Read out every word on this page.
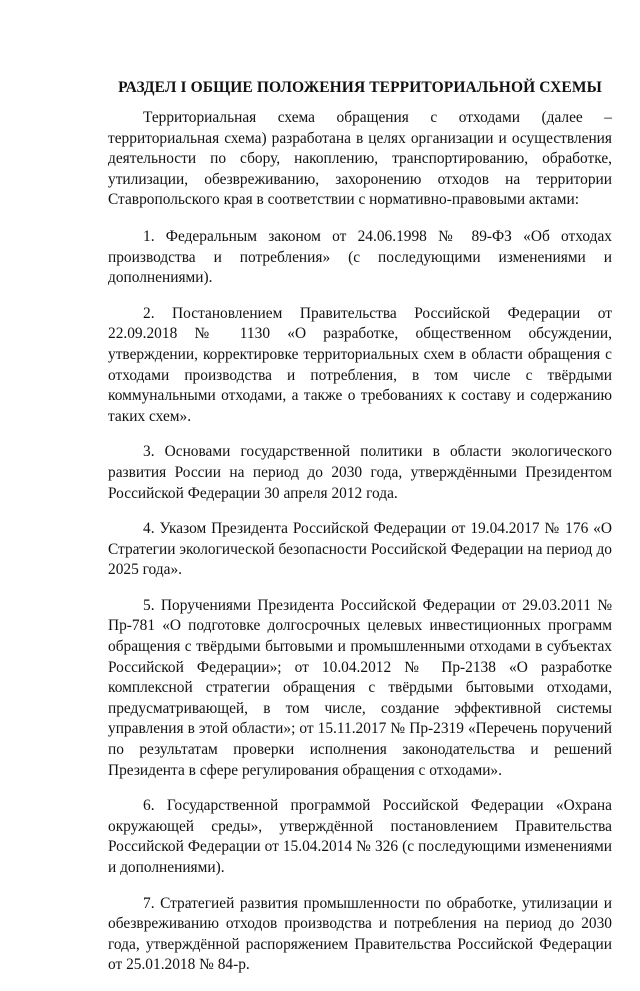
РАЗДЕЛ I ОБЩИЕ ПОЛОЖЕНИЯ ТЕРРИТОРИАЛЬНОЙ СХЕМЫ

Территориальная схема обращения с отходами (далее – территориальная схема) разработана в целях организации и осуществления деятельности по сбору, накоплению, транспортированию, обработке, утилизации, обезвреживанию, захоронению отходов на территории Ставропольского края в соответствии с нормативно-правовыми актами:

1. Федеральным законом от 24.06.1998 № 89-ФЗ «Об отходах производства и потребления» (с последующими изменениями и дополнениями).

2. Постановлением Правительства Российской Федерации от 22.09.2018 № 1130 «О разработке, общественном обсуждении, утверждении, корректировке территориальных схем в области обращения с отходами производства и потребления, в том числе с твёрдыми коммунальными отходами, а также о требованиях к составу и содержанию таких схем».

3. Основами государственной политики в области экологического развития России на период до 2030 года, утверждёнными Президентом Российской Федерации 30 апреля 2012 года.

4. Указом Президента Российской Федерации от 19.04.2017 № 176 «О Стратегии экологической безопасности Российской Федерации на период до 2025 года».

5. Поручениями Президента Российской Федерации от 29.03.2011 № Пр-781 «О подготовке долгосрочных целевых инвестиционных программ обращения с твёрдыми бытовыми и промышленными отходами в субъектах Российской Федерации»; от 10.04.2012 № Пр-2138 «О разработке комплексной стратегии обращения с твёрдыми бытовыми отходами, предусматривающей, в том числе, создание эффективной системы управления в этой области»; от 15.11.2017 № Пр-2319 «Перечень поручений по результатам проверки исполнения законодательства и решений Президента в сфере регулирования обращения с отходами».

6. Государственной программой Российской Федерации «Охрана окружающей среды», утверждённой постановлением Правительства Российской Федерации от 15.04.2014 № 326 (с последующими изменениями и дополнениями).

7. Стратегией развития промышленности по обработке, утилизации и обезвреживанию отходов производства и потребления на период до 2030 года, утверждённой распоряжением Правительства Российской Федерации от 25.01.2018 № 84-р.
